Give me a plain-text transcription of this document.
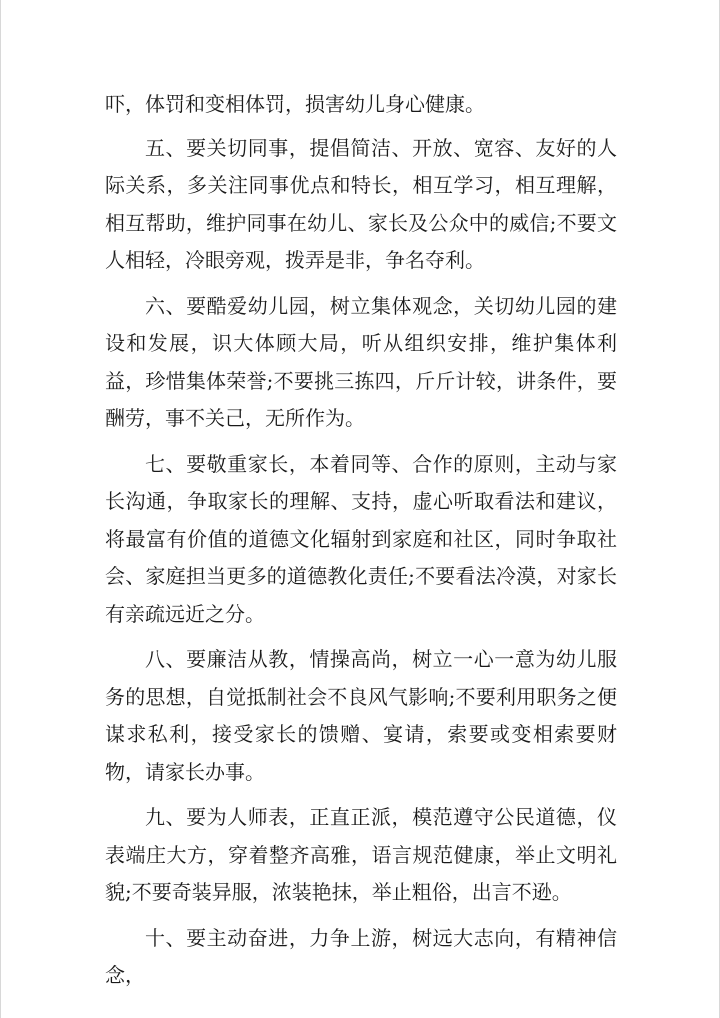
吓，体罚和变相体罚，损害幼儿身心健康。

五、要关切同事，提倡简洁、开放、宽容、友好的人际关系，多关注同事优点和特长，相互学习，相互理解，相互帮助，维护同事在幼儿、家长及公众中的威信;不要文人相轻，冷眼旁观，拨弄是非，争名夺利。

六、要酷爱幼儿园，树立集体观念，关切幼儿园的建设和发展，识大体顾大局，听从组织安排，维护集体利益，珍惜集体荣誉;不要挑三拣四，斤斤计较，讲条件，要酬劳，事不关己，无所作为。

七、要敬重家长，本着同等、合作的原则，主动与家长沟通，争取家长的理解、支持，虚心听取看法和建议，将最富有价值的道德文化辐射到家庭和社区，同时争取社会、家庭担当更多的道德教化责任;不要看法冷漠，对家长有亲疏远近之分。

八、要廉洁从教，情操高尚，树立一心一意为幼儿服务的思想，自觉抵制社会不良风气影响;不要利用职务之便谋求私利，接受家长的馈赠、宴请，索要或变相索要财物，请家长办事。

九、要为人师表，正直正派，模范遵守公民道德，仪表端庄大方，穿着整齐高雅，语言规范健康，举止文明礼貌;不要奇装异服，浓装艳抹，举止粗俗，出言不逊。

十、要主动奋进，力争上游，树远大志向，有精神信念，
